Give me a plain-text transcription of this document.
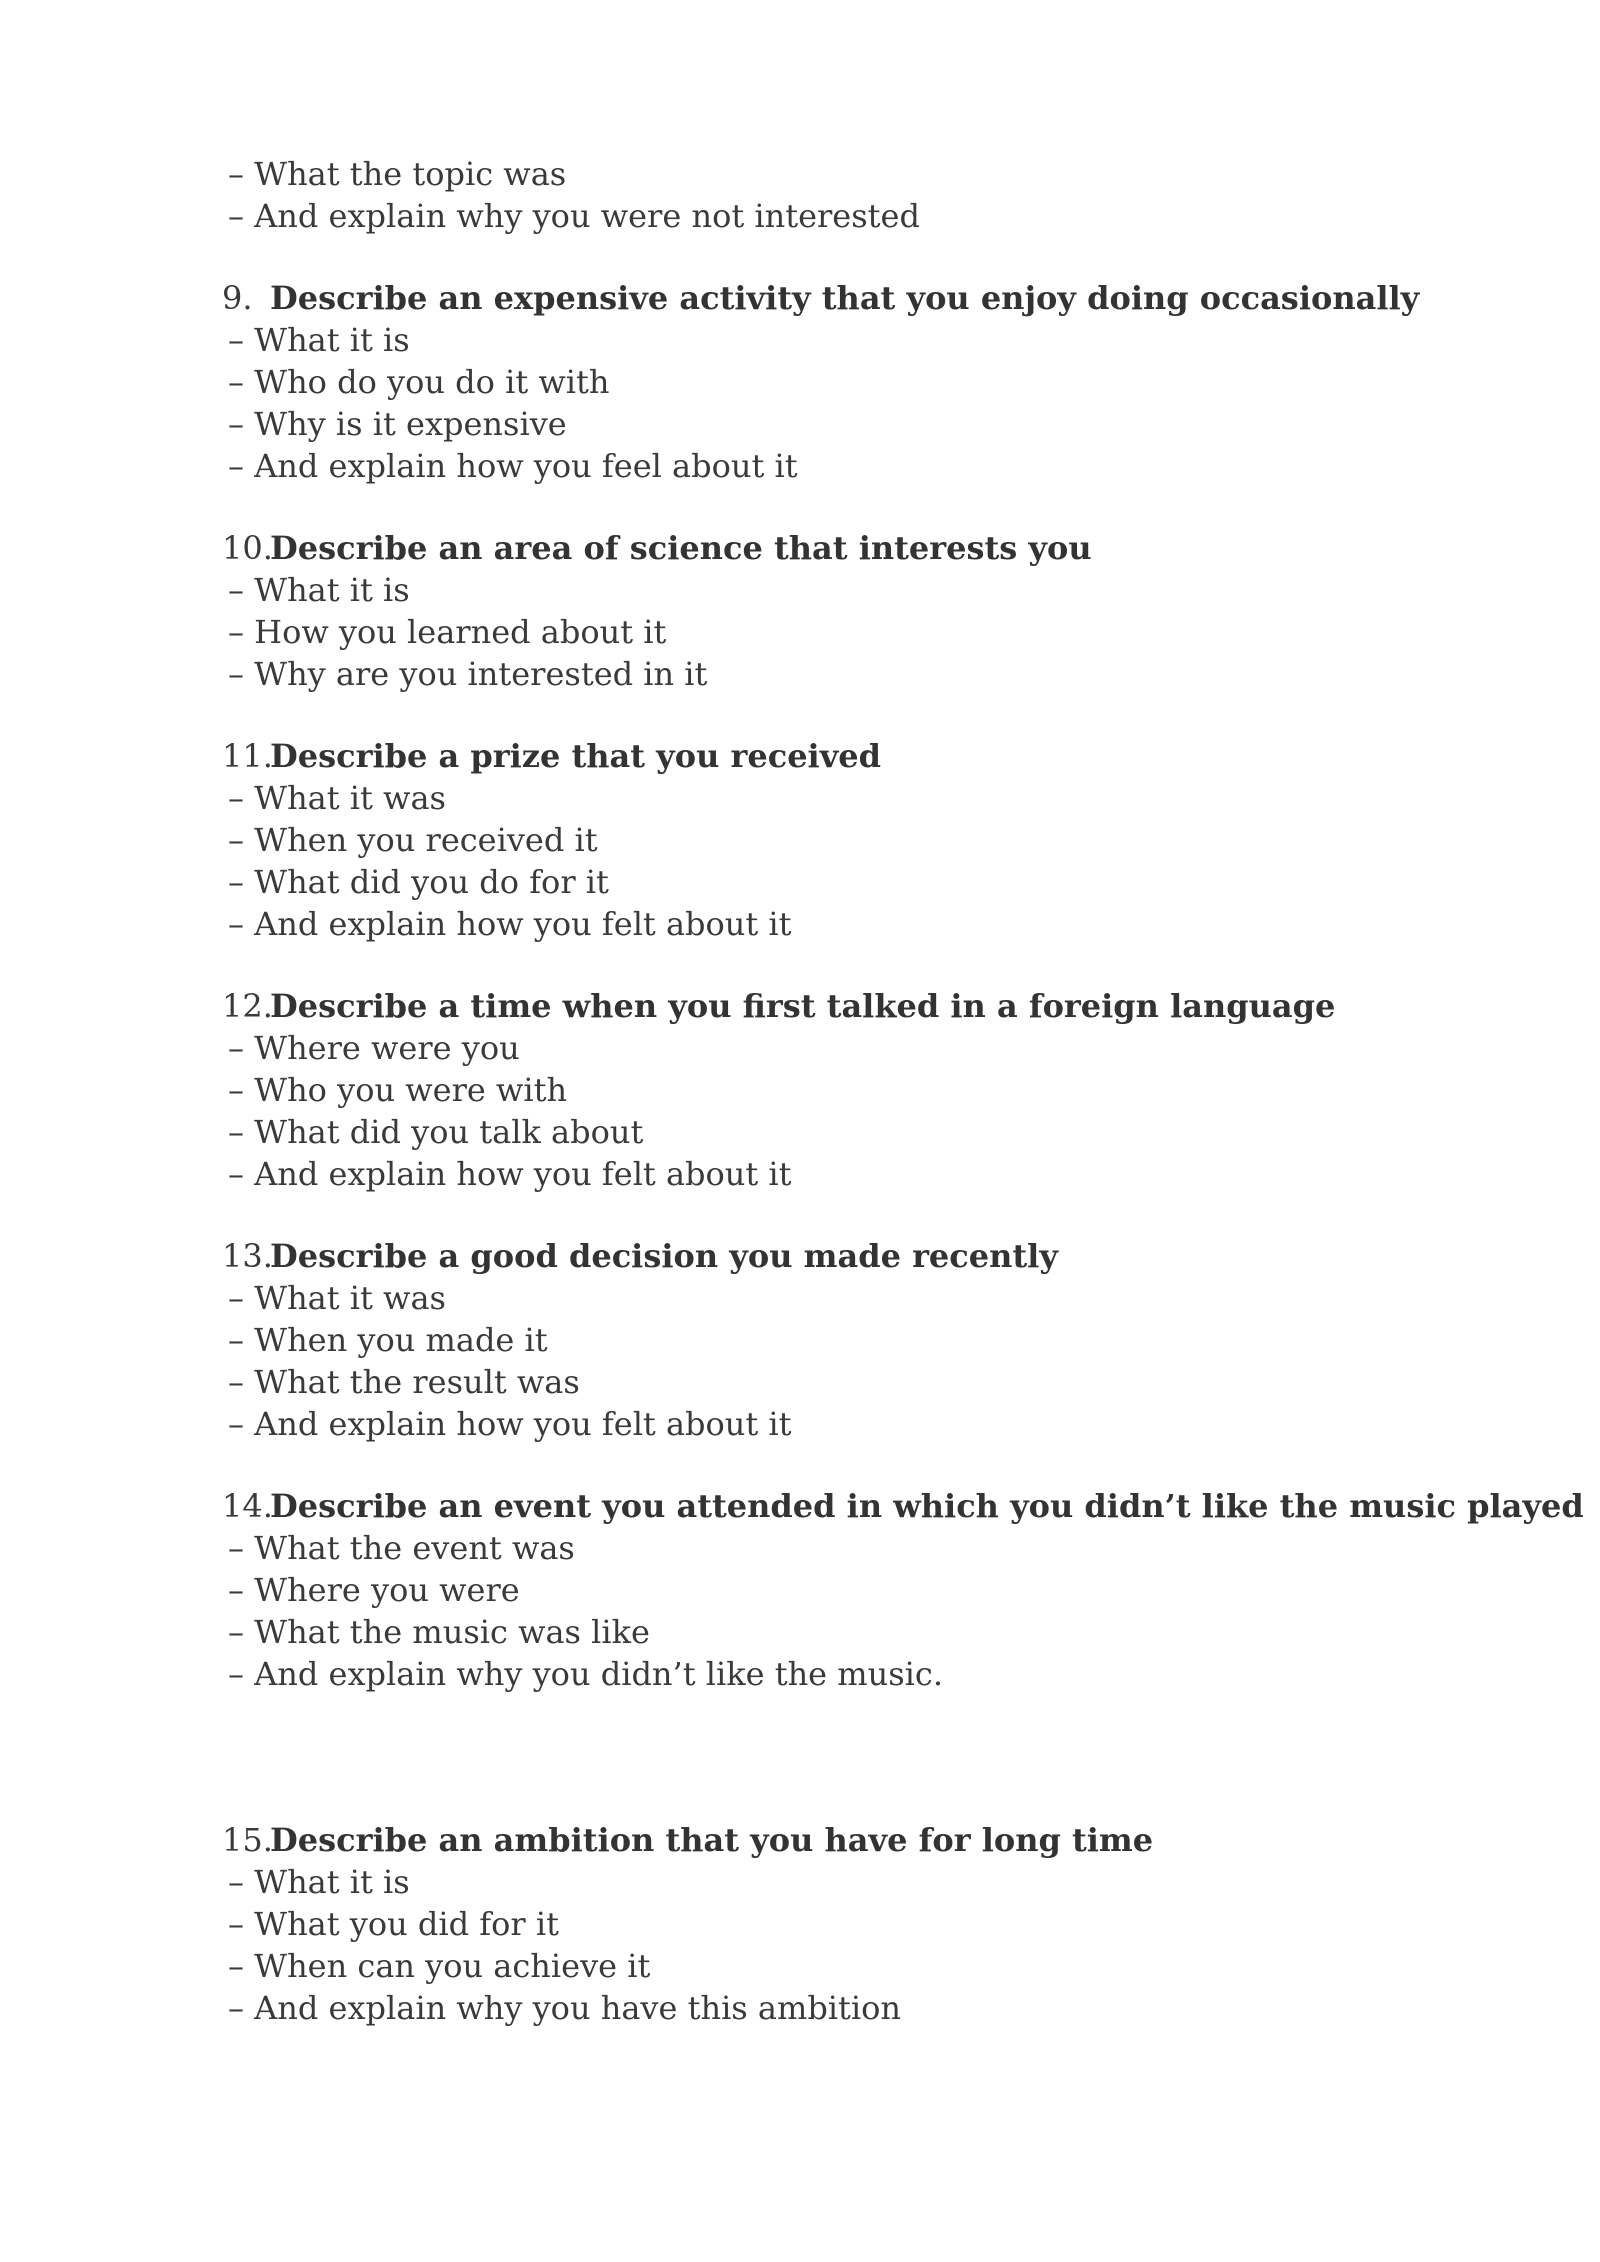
– What the topic was
– And explain why you were not interested
9. Describe an expensive activity that you enjoy doing occasionally
– What it is
– Who do you do it with
– Why is it expensive
– And explain how you feel about it
10.Describe an area of science that interests you
– What it is
– How you learned about it
– Why are you interested in it
11.Describe a prize that you received
– What it was
– When you received it
– What did you do for it
– And explain how you felt about it
12.Describe a time when you first talked in a foreign language
– Where were you
– Who you were with
– What did you talk about
– And explain how you felt about it
13.Describe a good decision you made recently
– What it was
– When you made it
– What the result was
– And explain how you felt about it
14.Describe an event you attended in which you didn’t like the music played
– What the event was
– Where you were
– What the music was like
– And explain why you didn’t like the music.
15.Describe an ambition that you have for long time
– What it is
– What you did for it
– When can you achieve it
– And explain why you have this ambition
